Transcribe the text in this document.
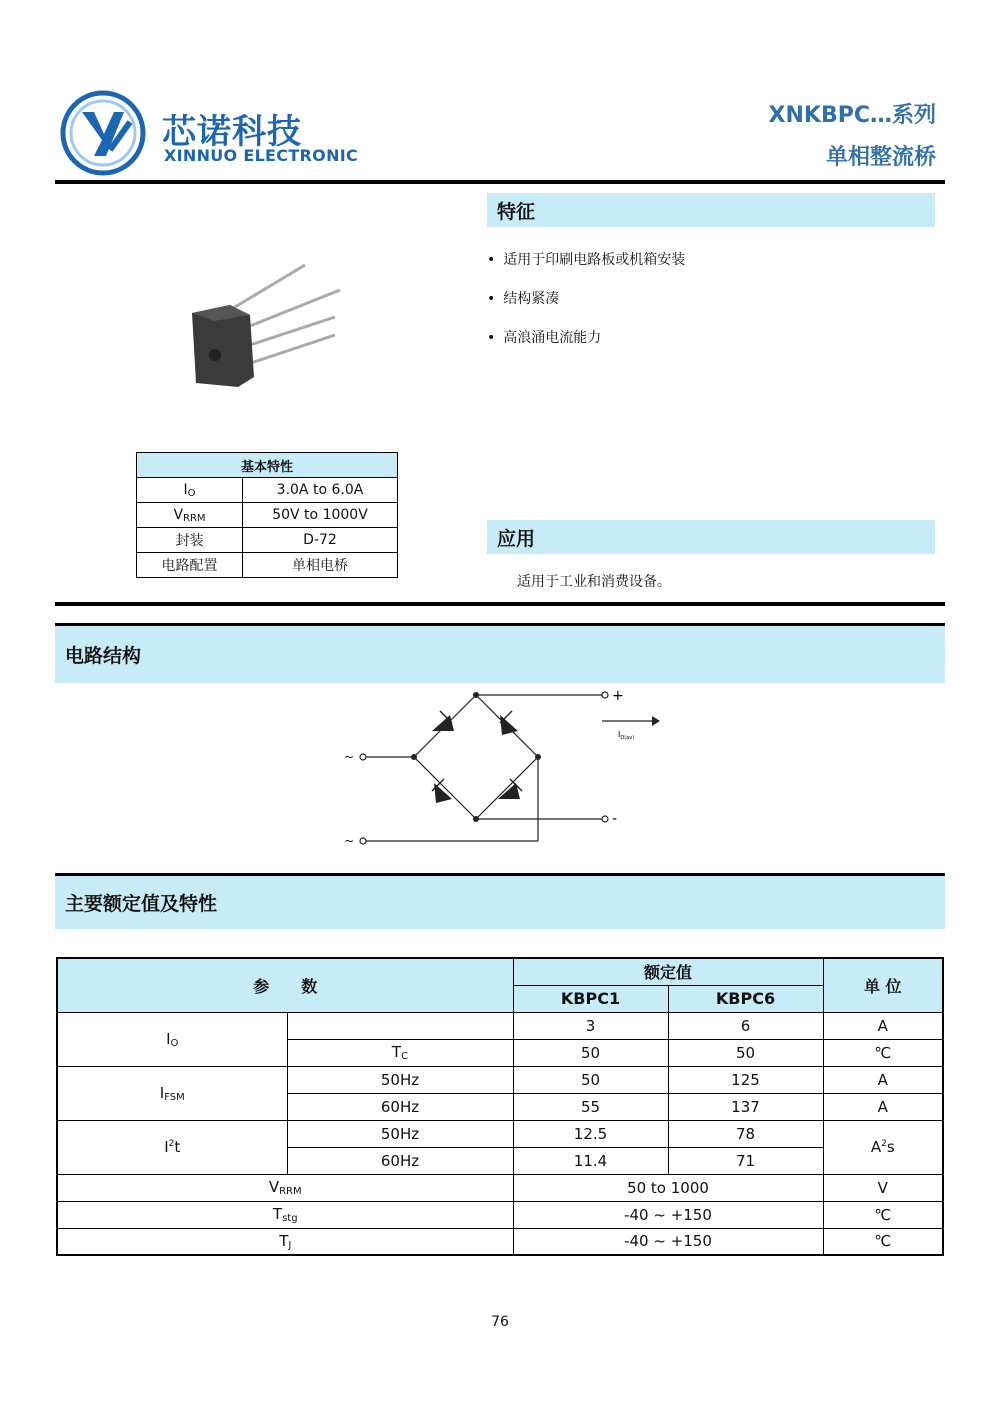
芯诺科技
XINNUO ELECTRONIC
XNKBPC…系列
单相整流桥
特征
• 适用于印刷电路板或机箱安装
• 结构紧凑
• 高浪涌电流能力
基本特性	
$I_O$	3.0A to 6.0A
$V_{RRM}$	50V to 1000V
封装	D-72
电路配置	单相电桥
应用
适用于工业和消费设备。
电路结构
+
-
~
~
$I_{O(av)}$
主要额定值及特性
参　　数		额定值		单 位
		KBPC1	KBPC6	
$I_O$		3	6	A
	$T_C$	50	50	℃
$I_{FSM}$	50Hz	50	125	A
	60Hz	55	137	A
$I^2t$	50Hz	12.5	78	$A^2s$
	60Hz	11.4	71	
$V_{RRM}$		50 to 1000		V
$T_{stg}$		-40 ~ +150		℃
$T_J$		-40 ~ +150		℃
76
